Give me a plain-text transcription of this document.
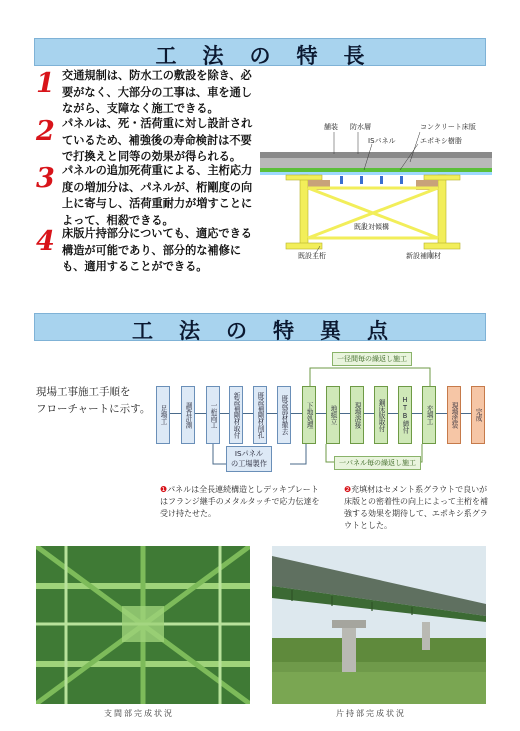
工法の特長
1 交通規制は、防水工の敷設を除き、必要がなく、大部分の工事は、車を通しながら、支障なく施工できる。
2 パネルは、死・活荷重に対し設計されているため、補強後の寿命検討は不要で打換えと同等の効果が得られる。
3 パネルの追加死荷重による、主桁応力度の増加分は、パネルが、桁剛度の向上に寄与し、活荷重耐力が増すことによって、相殺できる。
4 床版片持部分についても、適応できる構造が可能であり、部分的な補修にも、適用することができる。
舗装 防水層	コンクリート床版
ISパネル	エポキシ樹脂
既設対傾構
既設主桁	新設補剛材
工法の特異点
現場工事施工手順を
フローチャートに示す。
一径間毎の繰返し施工
足場工	調査計測	一桁両工	新設補剛材取付	既設補剛材削孔	既設部材撤去	下地処理	地組立	現場溶接	鋼床版取付	HTB締付	充填工	現場塗装	完成
ISパネル
の工場製作	一パネル毎の繰返し施工
❶パネルは全長連続構造としデッキプレートはフランジ継手のメタルタッチで応力伝達を受け持たせた。
❷充填材はセメント系グラウトで良いが床版との密着性の向上によって主桁を補強する効果を期待して、エポキシ系グラウトとした。
支間部完成状況	片持部完成状況
